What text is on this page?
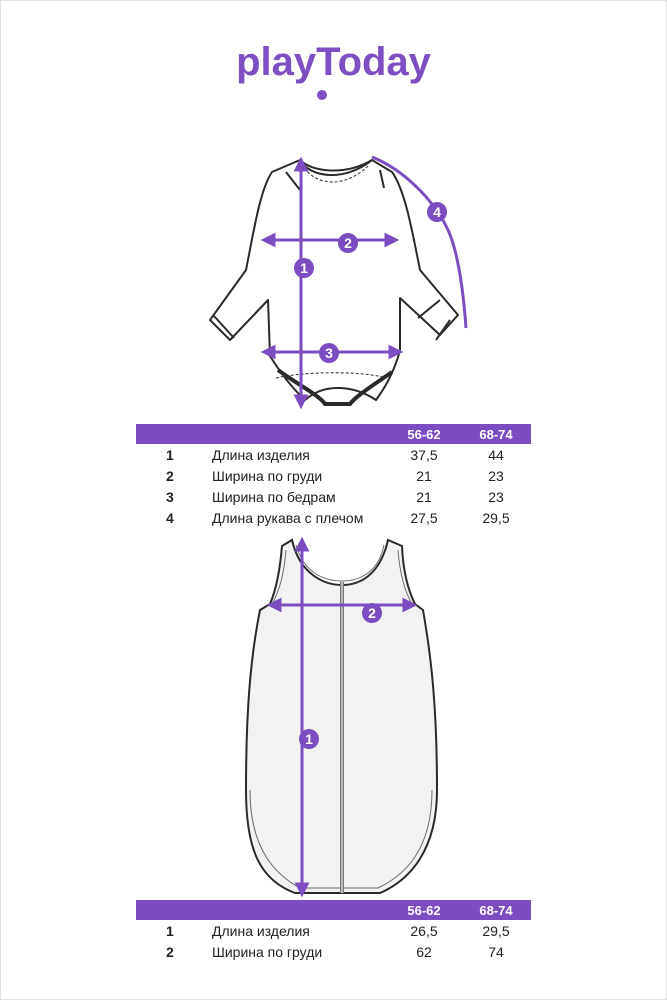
playToday
1
2
3
4
56-62	68-74
1	Длина изделия	37,5	44
2	Ширина по груди	21	23
3	Ширина по бедрам	21	23
4	Длина рукава с плечом	27,5	29,5
1
2
56-62	68-74
1	Длина изделия	26,5	29,5
2	Ширина по груди	62	74
